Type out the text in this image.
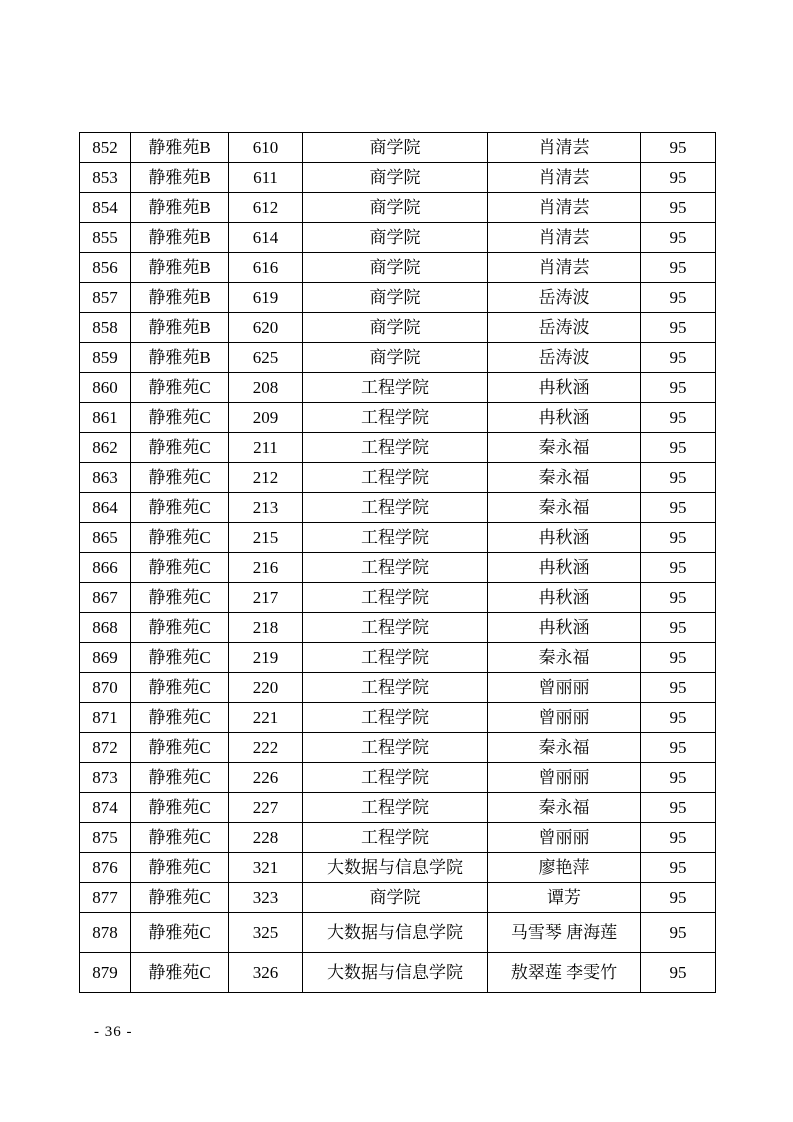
852	静雅苑B	610	商学院	肖清芸	95
853	静雅苑B	611	商学院	肖清芸	95
854	静雅苑B	612	商学院	肖清芸	95
855	静雅苑B	614	商学院	肖清芸	95
856	静雅苑B	616	商学院	肖清芸	95
857	静雅苑B	619	商学院	岳涛波	95
858	静雅苑B	620	商学院	岳涛波	95
859	静雅苑B	625	商学院	岳涛波	95
860	静雅苑C	208	工程学院	冉秋涵	95
861	静雅苑C	209	工程学院	冉秋涵	95
862	静雅苑C	211	工程学院	秦永福	95
863	静雅苑C	212	工程学院	秦永福	95
864	静雅苑C	213	工程学院	秦永福	95
865	静雅苑C	215	工程学院	冉秋涵	95
866	静雅苑C	216	工程学院	冉秋涵	95
867	静雅苑C	217	工程学院	冉秋涵	95
868	静雅苑C	218	工程学院	冉秋涵	95
869	静雅苑C	219	工程学院	秦永福	95
870	静雅苑C	220	工程学院	曾丽丽	95
871	静雅苑C	221	工程学院	曾丽丽	95
872	静雅苑C	222	工程学院	秦永福	95
873	静雅苑C	226	工程学院	曾丽丽	95
874	静雅苑C	227	工程学院	秦永福	95
875	静雅苑C	228	工程学院	曾丽丽	95
876	静雅苑C	321	大数据与信息学院	廖艳萍	95
877	静雅苑C	323	商学院	谭芳	95
878	静雅苑C	325	大数据与信息学院	马雪琴 唐海莲	95
879	静雅苑C	326	大数据与信息学院	敖翠莲 李雯竹	95
- 36 -
